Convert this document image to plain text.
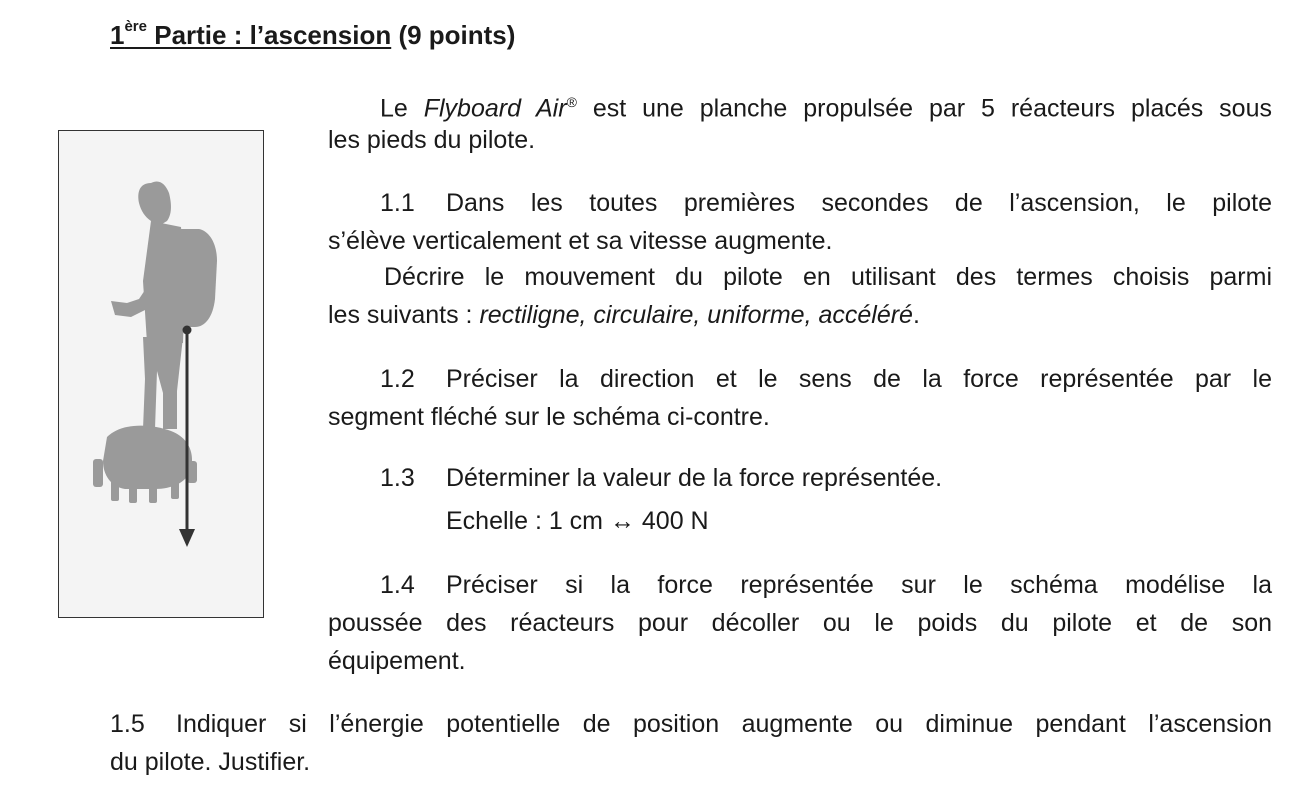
1ère Partie : l’ascension (9 points)

Le Flyboard Air® est une planche propulsée par 5 réacteurs placés sous

les pieds du pilote.

1.1 Dans les toutes premières secondes de l’ascension, le pilote

s’élève verticalement et sa vitesse augmente.

Décrire le mouvement du pilote en utilisant des termes choisis parmi

les suivants : rectiligne, circulaire, uniforme, accéléré.

1.2 Préciser la direction et le sens de la force représentée par le

segment fléché sur le schéma ci-contre.

1.3 Déterminer la valeur de la force représentée.

Echelle : 1 cm ↔ 400 N

1.4 Préciser si la force représentée sur le schéma modélise la

poussée des réacteurs pour décoller ou le poids du pilote et de son

équipement.

1.5 Indiquer si l’énergie potentielle de position augmente ou diminue pendant l’ascension

du pilote. Justifier.
